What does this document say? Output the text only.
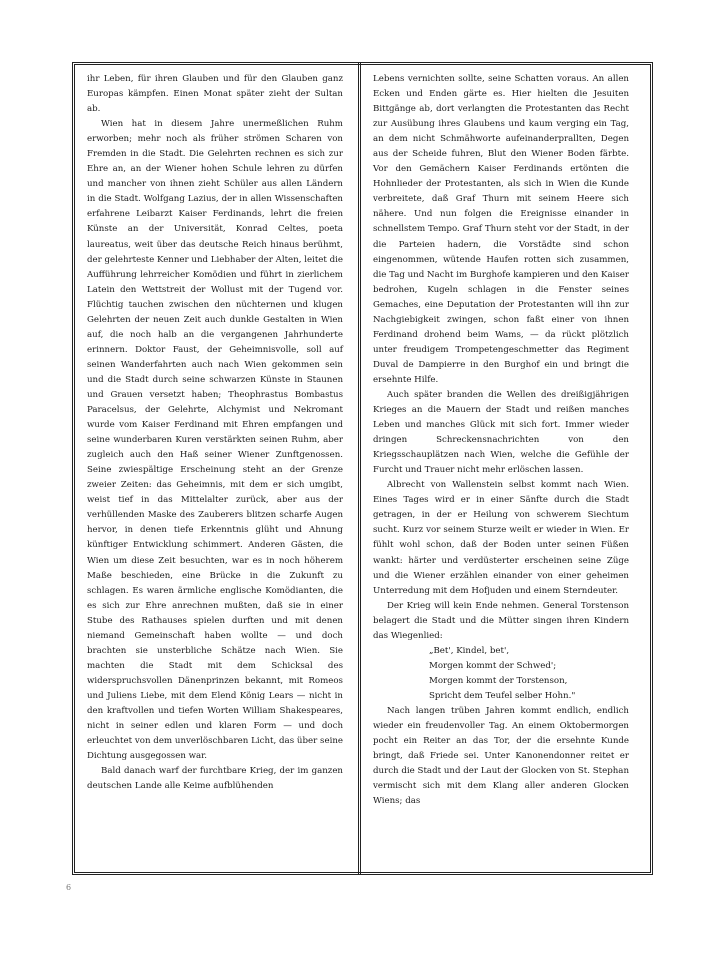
ihr Leben, für ihren Glauben und für den Glauben ganz Europas kämpfen. Einen Monat später zieht der Sultan ab.

Wien hat in diesem Jahre unermeßlichen Ruhm erworben; mehr noch als früher strömen Scharen von Fremden in die Stadt. Die Gelehrten rechnen es sich zur Ehre an, an der Wiener hohen Schule lehren zu dürfen und mancher von ihnen zieht Schüler aus allen Ländern in die Stadt. Wolfgang Lazius, der in allen Wissenschaften erfahrene Leibarzt Kaiser Ferdinands, lehrt die freien Künste an der Universität, Konrad Celtes, poeta laureatus, weit über das deutsche Reich hinaus berühmt, der gelehrteste Kenner und Liebhaber der Alten, leitet die Aufführung lehrreicher Komödien und führt in zierlichem Latein den Wettstreit der Wollust mit der Tugend vor. Flüchtig tauchen zwischen den nüchternen und klugen Gelehrten der neuen Zeit auch dunkle Gestalten in Wien auf, die noch halb an die vergangenen Jahrhunderte erinnern. Doktor Faust, der Geheimnisvolle, soll auf seinen Wanderfahrten auch nach Wien gekommen sein und die Stadt durch seine schwarzen Künste in Staunen und Grauen versetzt haben; Theophrastus Bombastus Paracelsus, der Gelehrte, Alchymist und Nekromant wurde vom Kaiser Ferdinand mit Ehren empfangen und seine wunderbaren Kuren verstärkten seinen Ruhm, aber zugleich auch den Haß seiner Wiener Zunftgenossen. Seine zwiespältige Erscheinung steht an der Grenze zweier Zeiten: das Geheimnis, mit dem er sich umgibt, weist tief in das Mittelalter zurück, aber aus der verhüllenden Maske des Zauberers blitzen scharfe Augen hervor, in denen tiefe Erkenntnis glüht und Ahnung künftiger Entwicklung schimmert. Anderen Gästen, die Wien um diese Zeit besuchten, war es in noch höherem Maße beschieden, eine Brücke in die Zukunft zu schlagen. Es waren ärmliche englische Komödianten, die es sich zur Ehre anrechnen mußten, daß sie in einer Stube des Rathauses spielen durften und mit denen niemand Gemeinschaft haben wollte — und doch brachten sie unsterbliche Schätze nach Wien. Sie machten die Stadt mit dem Schicksal des widerspruchsvollen Dänenprinzen bekannt, mit Romeos und Juliens Liebe, mit dem Elend König Lears — nicht in den kraftvollen und tiefen Worten William Shakespeares, nicht in seiner edlen und klaren Form — und doch erleuchtet von dem unverlöschbaren Licht, das über seine Dichtung ausgegossen war.

Bald danach warf der furchtbare Krieg, der im ganzen deutschen Lande alle Keime aufblühenden

Lebens vernichten sollte, seine Schatten voraus. An allen Ecken und Enden gärte es. Hier hielten die Jesuiten Bittgänge ab, dort verlangten die Protestanten das Recht zur Ausübung ihres Glaubens und kaum verging ein Tag, an dem nicht Schmähworte aufeinanderprallten, Degen aus der Scheide fuhren, Blut den Wiener Boden färbte. Vor den Gemächern Kaiser Ferdinands ertönten die Hohnlieder der Protestanten, als sich in Wien die Kunde verbreitete, daß Graf Thurn mit seinem Heere sich nähere. Und nun folgen die Ereignisse einander in schnellstem Tempo. Graf Thurn steht vor der Stadt, in der die Parteien hadern, die Vorstädte sind schon eingenommen, wütende Haufen rotten sich zusammen, die Tag und Nacht im Burghofe kampieren und den Kaiser bedrohen, Kugeln schlagen in die Fenster seines Gemaches, eine Deputation der Protestanten will ihn zur Nachgiebigkeit zwingen, schon faßt einer von ihnen Ferdinand drohend beim Wams, — da rückt plötzlich unter freudigem Trompetengeschmetter das Regiment Duval de Dampierre in den Burghof ein und bringt die ersehnte Hilfe.

Auch später branden die Wellen des dreißigjährigen Krieges an die Mauern der Stadt und reißen manches Leben und manches Glück mit sich fort. Immer wieder dringen Schreckensnachrichten von den Kriegsschauplätzen nach Wien, welche die Gefühle der Furcht und Trauer nicht mehr erlöschen lassen.

Albrecht von Wallenstein selbst kommt nach Wien. Eines Tages wird er in einer Sänfte durch die Stadt getragen, in der er Heilung von schwerem Siechtum sucht. Kurz vor seinem Sturze weilt er wieder in Wien. Er fühlt wohl schon, daß der Boden unter seinen Füßen wankt: härter und verdüsterter erscheinen seine Züge und die Wiener erzählen einander von einer geheimen Unterredung mit dem Hofjuden und einem Sterndeuter.

Der Krieg will kein Ende nehmen. General Torstenson belagert die Stadt und die Mütter singen ihren Kindern das Wiegenlied:

„Bet', Kindel, bet',

Morgen kommt der Schwed';

Morgen kommt der Torstenson,

Spricht dem Teufel selber Hohn."

Nach langen trüben Jahren kommt endlich, endlich wieder ein freudenvoller Tag. An einem Oktobermorgen pocht ein Reiter an das Tor, der die ersehnte Kunde bringt, daß Friede sei. Unter Kanonendonner reitet er durch die Stadt und der Laut der Glocken von St. Stephan vermischt sich mit dem Klang aller anderen Glocken Wiens; das

6
